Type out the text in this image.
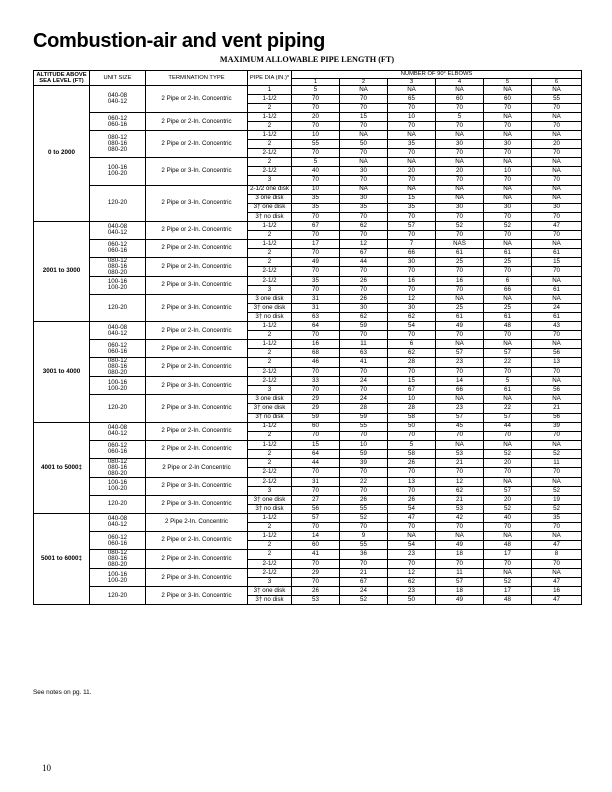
Combustion-air and vent piping
MAXIMUM ALLOWABLE PIPE LENGTH (FT)
ALTITUDE ABOVE SEA LEVEL (FT)	UNIT SIZE	TERMINATION TYPE	PIPE DIA (IN.)*	NUMBER OF 90° ELBOWS					
				1	2	3	4	5	6
0 to 2000	040-08
040-12	2 Pipe or 2-In. Concentric	1	5	NA	NA	NA	NA	NA
			1-1/2	70	70	65	60	60	55
			2	70	70	70	70	70	70

	060-12
060-16	2 Pipe or 2-In. Concentric	1-1/2	20	15	10	5	NA	NA
			2	70	70	70	70	70	70

	080-12
080-16
080-20	2 Pipe or 2-In. Concentric	1-1/2	10	NA	NA	NA	NA	NA
			2	55	50	35	30	30	20
			2-1/2	70	70	70	70	70	70

	100-16
100-20	2 Pipe or 3-In. Concentric	2	5	NA	NA	NA	NA	NA
			2-1/2	40	30	20	20	10	NA
			3	70	70	70	70	70	70

	120-20	2 Pipe or 3-In. Concentric	2-1/2 one disk	10	NA	NA	NA	NA	NA
			3 one disk	35	30	15	NA	NA	NA
			3† one disk	35	35	35	30	30	30
			3† no disk	70	70	70	70	70	70
2001 to 3000	040-08
040-12	2 Pipe or 2-In. Concentric	1-1/2	67	62	57	52	52	47
			2	70	70	70	70	70	70

	060-12
060-16	2 Pipe or 2-In. Concentric	1-1/2	17	12	7	NAS	NA	NA
			2	70	67	66	61	61	61

	080-12
080-16
080-20	2 Pipe or 2-In. Concentric	2	49	44	30	25	25	15
			2-1/2	70	70	70	70	70	70

	100-16
100-20	2 Pipe or 3-In. Concentric	2-1/2	35	26	16	16	6	NA
			3	70	70	70	70	66	61

	120-20	2 Pipe or 3-In. Concentric	3 one disk	31	26	12	NA	NA	NA
			3† one disk	31	30	30	25	25	24
			3† no disk	63	62	62	61	61	61
3001 to 4000	040-08
040-12	2 Pipe or 2-In. Concentric	1-1/2	64	59	54	49	48	43
			2	70	70	70	70	70	70

	060-12
060-16	2 Pipe or 2-In. Concentric	1-1/2	16	11	6	NA	NA	NA
			2	68	63	62	57	57	56

	080-12
080-16
080-20	2 Pipe or 2-In. Concentric	2	46	41	28	23	22	13
			2-1/2	70	70	70	70	70	70

	100-16
100-20	2 Pipe or 3-In. Concentric	2-1/2	33	24	15	14	5	NA
			3	70	70	67	66	61	56

	120-20	2 Pipe or 3-In. Concentric	3 one disk	29	24	10	NA	NA	NA
			3† one disk	29	28	28	23	22	21
			3† no disk	59	59	58	57	57	56
4001 to 5000‡	040-08
040-12	2 Pipe or 2-In. Concentric	1-1/2	60	55	50	45	44	39
			2	70	70	70	70	70	70

	060-12
060-16	2 Pipe or 2-In. Concentric	1-1/2	15	10	5	NA	NA	NA
			2	64	59	58	53	52	52

	080-12
080-16
080-20	2 Pipe or 2-In Concentric	2	44	39	26	21	20	11
			2-1/2	70	70	70	70	70	70

	100-16
100-20	2 Pipe or 3-In. Concentric	2-1/2	31	22	13	12	NA	NA
			3	70	70	70	62	57	52

	120-20	2 Pipe or 3-In. Concentric	3† one disk	27	26	26	21	20	19
			3† no disk	56	55	54	53	52	52
5001 to 6000‡	040-08
040-12	2 Pipe 2-In. Concentric	1-1/2	57	52	47	42	40	35
			2	70	70	70	70	70	70

	060-12
060-16	2 Pipe or 2-In. Concentric	1-1/2	14	9	NA	NA	NA	NA
			2	60	55	54	49	48	47

	080-12
080-16
080-20	2 Pipe or 2-In. Concentric	2	41	36	23	18	17	8
			2-1/2	70	70	70	70	70	70

	100-16
100-20	2 Pipe or 3-In. Concentric	2-1/2	29	21	12	11	NA	NA
			3	70	67	62	57	52	47

	120-20	2 Pipe or 3-In. Concentric	3† one disk	26	24	23	18	17	16
			3† no disk	53	52	50	49	48	47
See notes on pg. 11.
10
